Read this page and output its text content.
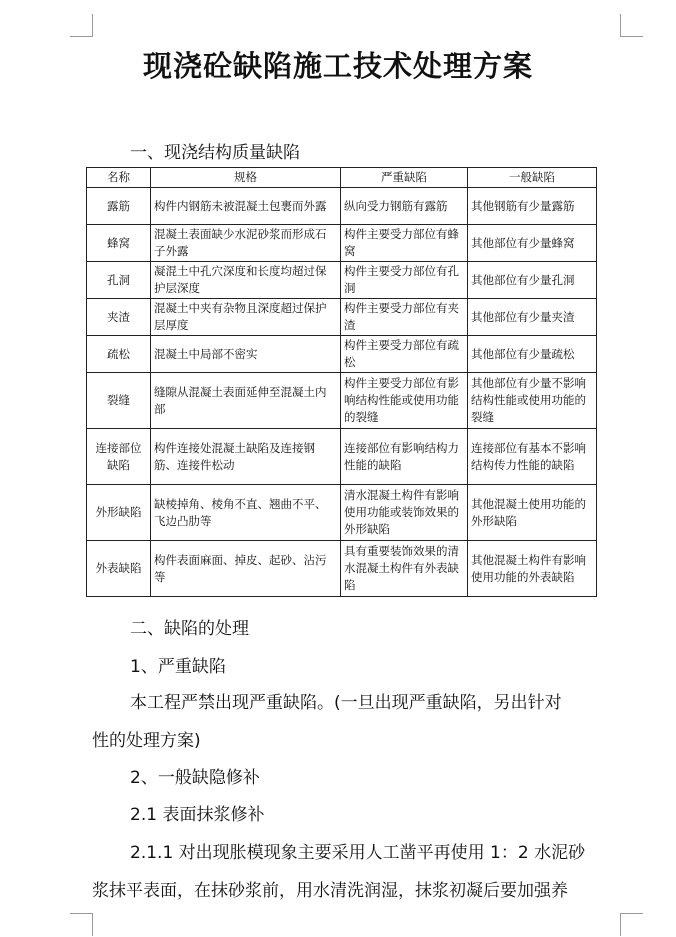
现浇砼缺陷施工技术处理方案
一、现浇结构质量缺陷
名称	规格	严重缺陷	一般缺陷
露筋	构件内钢筋未被混凝土包裹而外露	纵向受力钢筋有露筋	其他钢筋有少量露筋
蜂窝	混凝土表面缺少水泥砂浆而形成石子外露	构件主要受力部位有蜂窝	其他部位有少量蜂窝
孔洞	凝混土中孔穴深度和长度均超过保护层深度	构件主要受力部位有孔洞	其他部位有少量孔洞
夹渣	混凝土中夹有杂物且深度超过保护层厚度	构件主要受力部位有夹渣	其他部位有少量夹渣
疏松	混凝土中局部不密实	构件主要受力部位有疏松	其他部位有少量疏松
裂缝	缝隙从混凝土表面延伸至混凝土内部	构件主要受力部位有影响结构性能或使用功能的裂缝	其他部位有少量不影响结构性能或使用功能的裂缝
连接部位缺陷	构件连接处混凝土缺陷及连接钢筋、连接件松动	连接部位有影响结构力性能的缺陷	连接部位有基本不影响结构传力性能的缺陷
外形缺陷	缺棱掉角、棱角不直、翘曲不平、飞边凸肋等	清水混凝土构件有影响使用功能或装饰效果的外形缺陷	其他混凝土使用功能的外形缺陷
外表缺陷	构件表面麻面、掉皮、起砂、沾污等	具有重要装饰效果的清水混凝土构件有外表缺陷	其他混凝土构件有影响使用功能的外表缺陷
二、缺陷的处理
1、严重缺陷
本工程严禁出现严重缺陷。(一旦出现严重缺陷，另出针对
性的处理方案)
2、一般缺隐修补
2.1 表面抹浆修补
2.1.1 对出现胀模现象主要采用人工凿平再使用 1：2 水泥砂
浆抹平表面，在抹砂浆前，用水清洗润湿，抹浆初凝后要加强养
